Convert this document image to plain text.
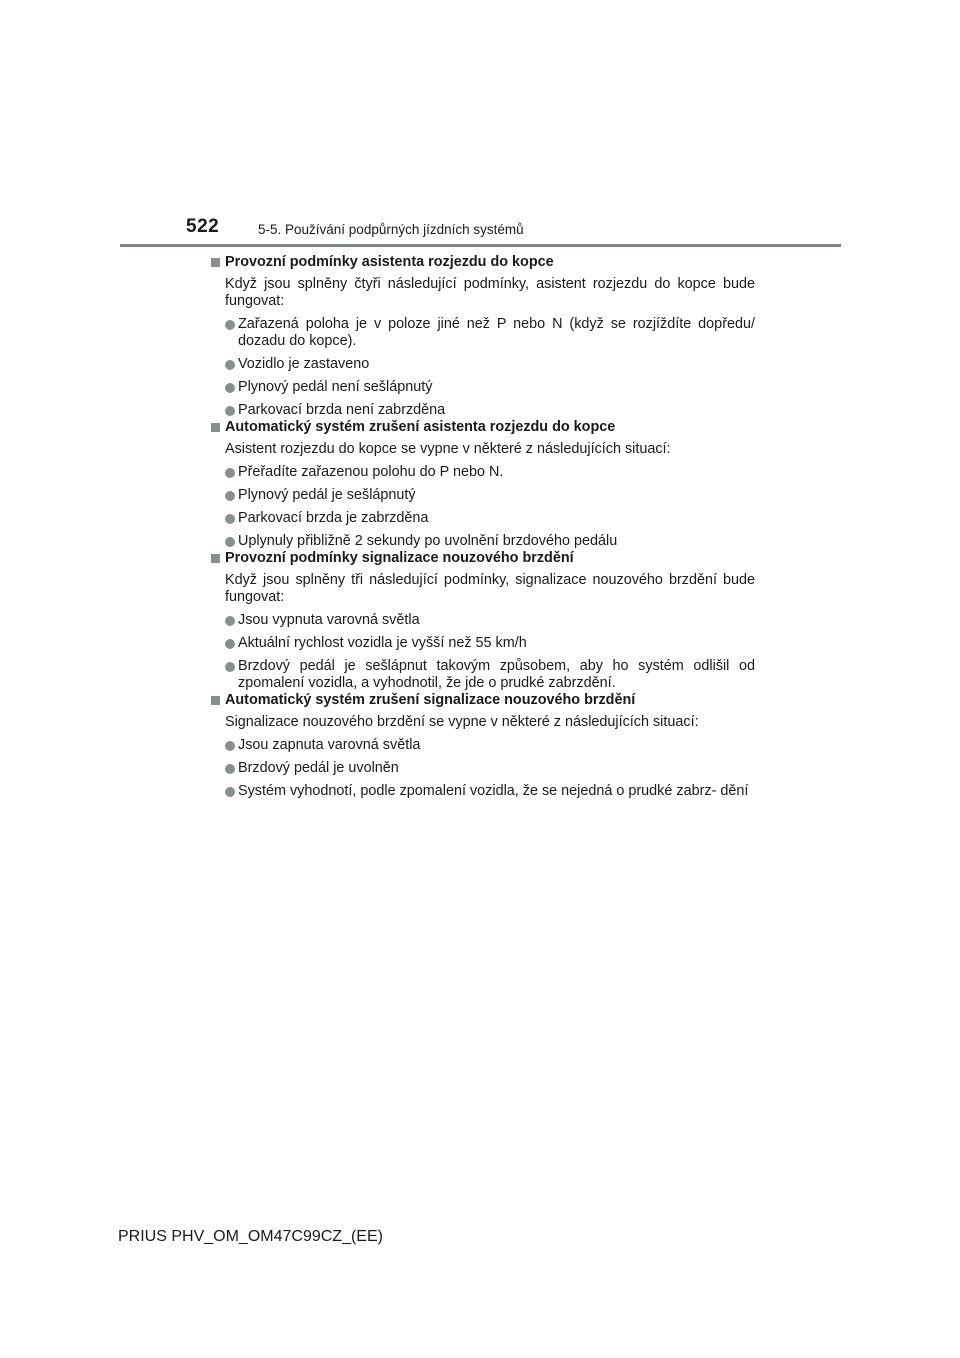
522	5-5. Používání podpůrných jízdních systémů
Provozní podmínky asistenta rozjezdu do kopce
Když jsou splněny čtyři následující podmínky, asistent rozjezdu do kopce bude fungovat:
Zařazená poloha je v poloze jiné než P nebo N (když se rozjíždíte dopředu/ dozadu do kopce).
Vozidlo je zastaveno
Plynový pedál není sešlápnutý
Parkovací brzda není zabrzděna
Automatický systém zrušení asistenta rozjezdu do kopce
Asistent rozjezdu do kopce se vypne v některé z následujících situací:
Přeřadíte zařazenou polohu do P nebo N.
Plynový pedál je sešlápnutý
Parkovací brzda je zabrzděna
Uplynuly přibližně 2 sekundy po uvolnění brzdového pedálu
Provozní podmínky signalizace nouzového brzdění
Když jsou splněny tři následující podmínky, signalizace nouzového brzdění bude fungovat:
Jsou vypnuta varovná světla
Aktuální rychlost vozidla je vyšší než 55 km/h
Brzdový pedál je sešlápnut takovým způsobem, aby ho systém odlišil od zpomalení vozidla, a vyhodnotil, že jde o prudké zabrzdění.
Automatický systém zrušení signalizace nouzového brzdění
Signalizace nouzového brzdění se vypne v některé z následujících situací:
Jsou zapnuta varovná světla
Brzdový pedál je uvolněn
Systém vyhodnotí, podle zpomalení vozidla, že se nejedná o prudké zabrz- dění
PRIUS PHV_OM_OM47C99CZ_(EE)
